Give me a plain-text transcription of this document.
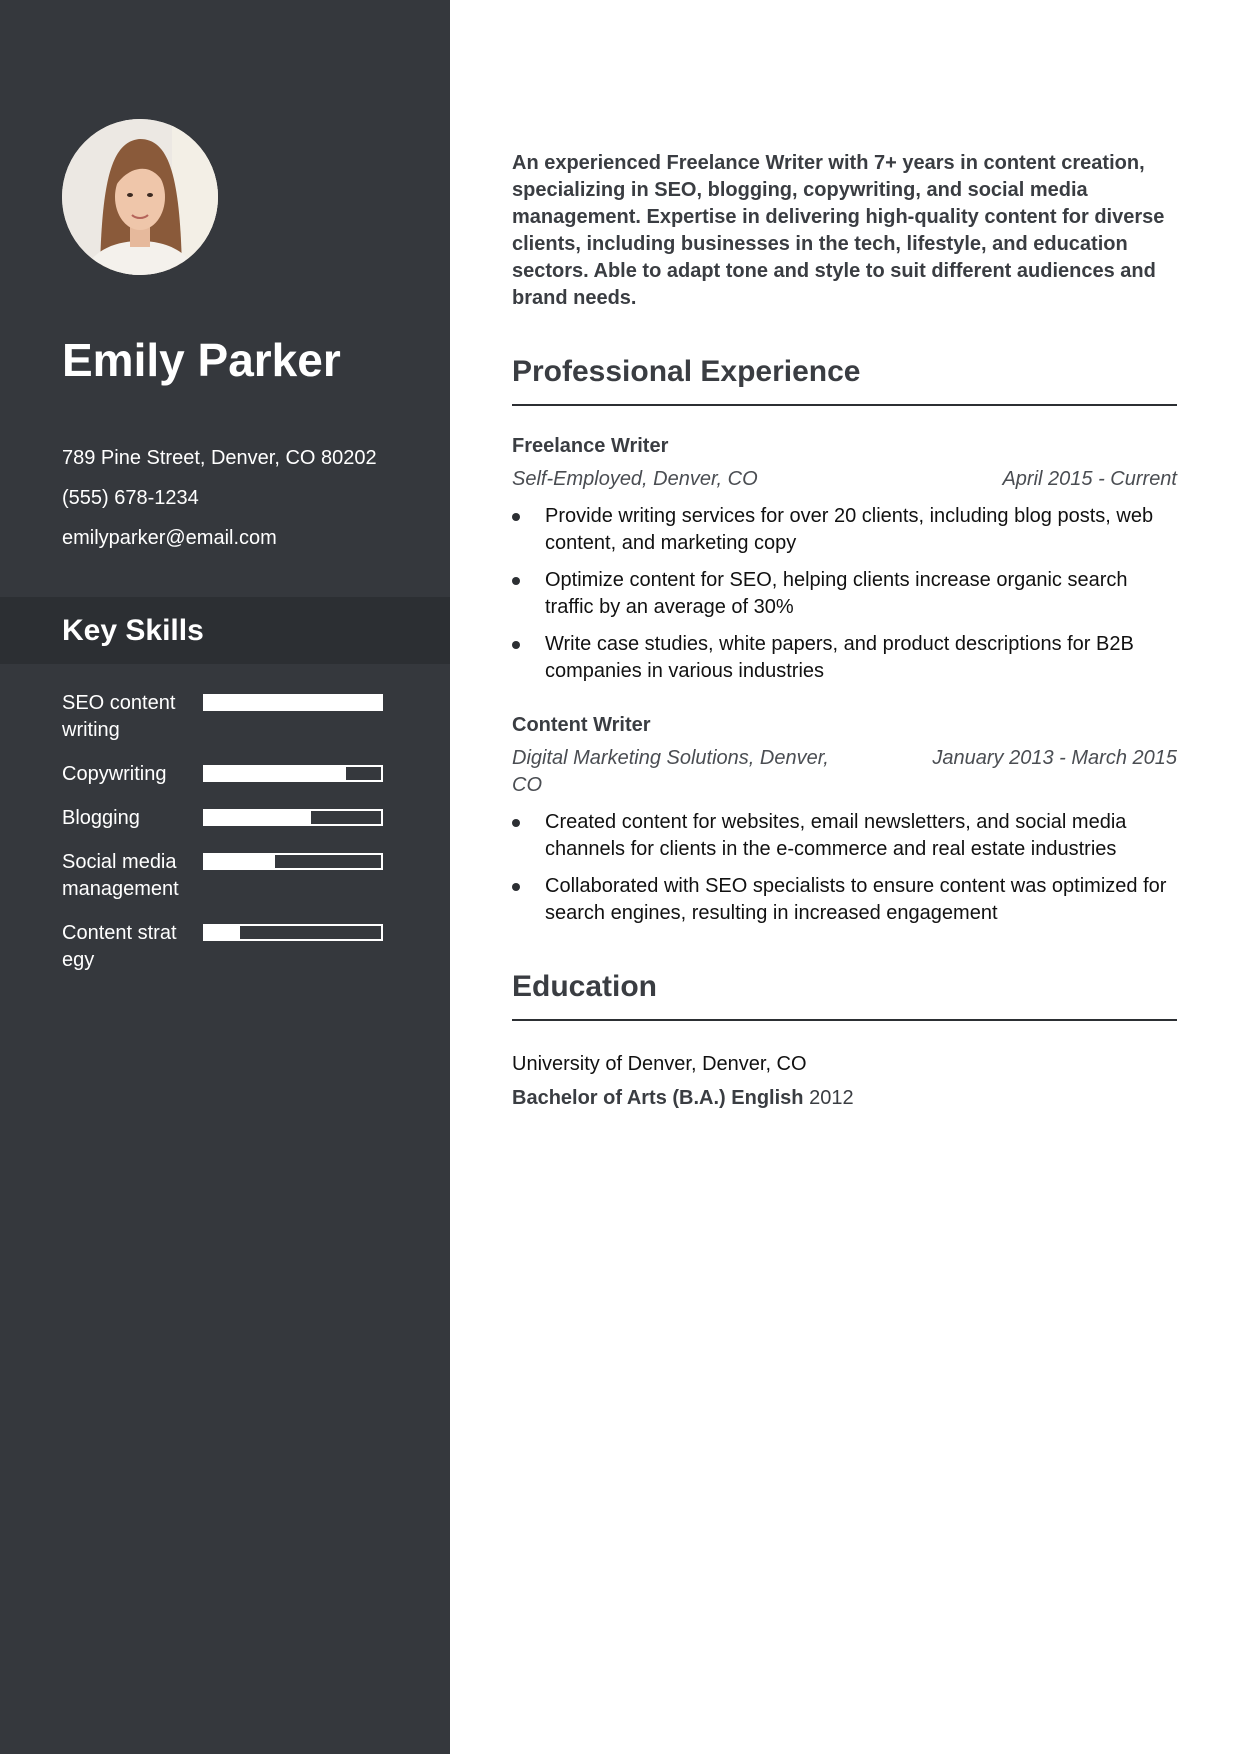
Emily Parker
789 Pine Street, Denver, CO 80202
(555) 678-1234
emilyparker@email.com
Key Skills
SEO content writing
Copywriting
Blogging
Social media management
Content strategy

An experienced Freelance Writer with 7+ years in content creation, specializing in SEO, blogging, copywriting, and social media management. Expertise in delivering high-quality content for diverse clients, including businesses in the tech, lifestyle, and education sectors. Able to adapt tone and style to suit different audiences and brand needs.

Professional Experience
Freelance Writer
Self-Employed, Denver, CO	April 2015 - Current
Provide writing services for over 20 clients, including blog posts, web content, and marketing copy
Optimize content for SEO, helping clients increase organic search traffic by an average of 30%
Write case studies, white papers, and product descriptions for B2B companies in various industries
Content Writer
Digital Marketing Solutions, Denver, CO
January 2013 - March 2015
Created content for websites, email newsletters, and social media channels for clients in the e-commerce and real estate industries
Collaborated with SEO specialists to ensure content was optimized for search engines, resulting in increased engagement
Education
University of Denver, Denver, CO
Bachelor of Arts (B.A.) English 2012
